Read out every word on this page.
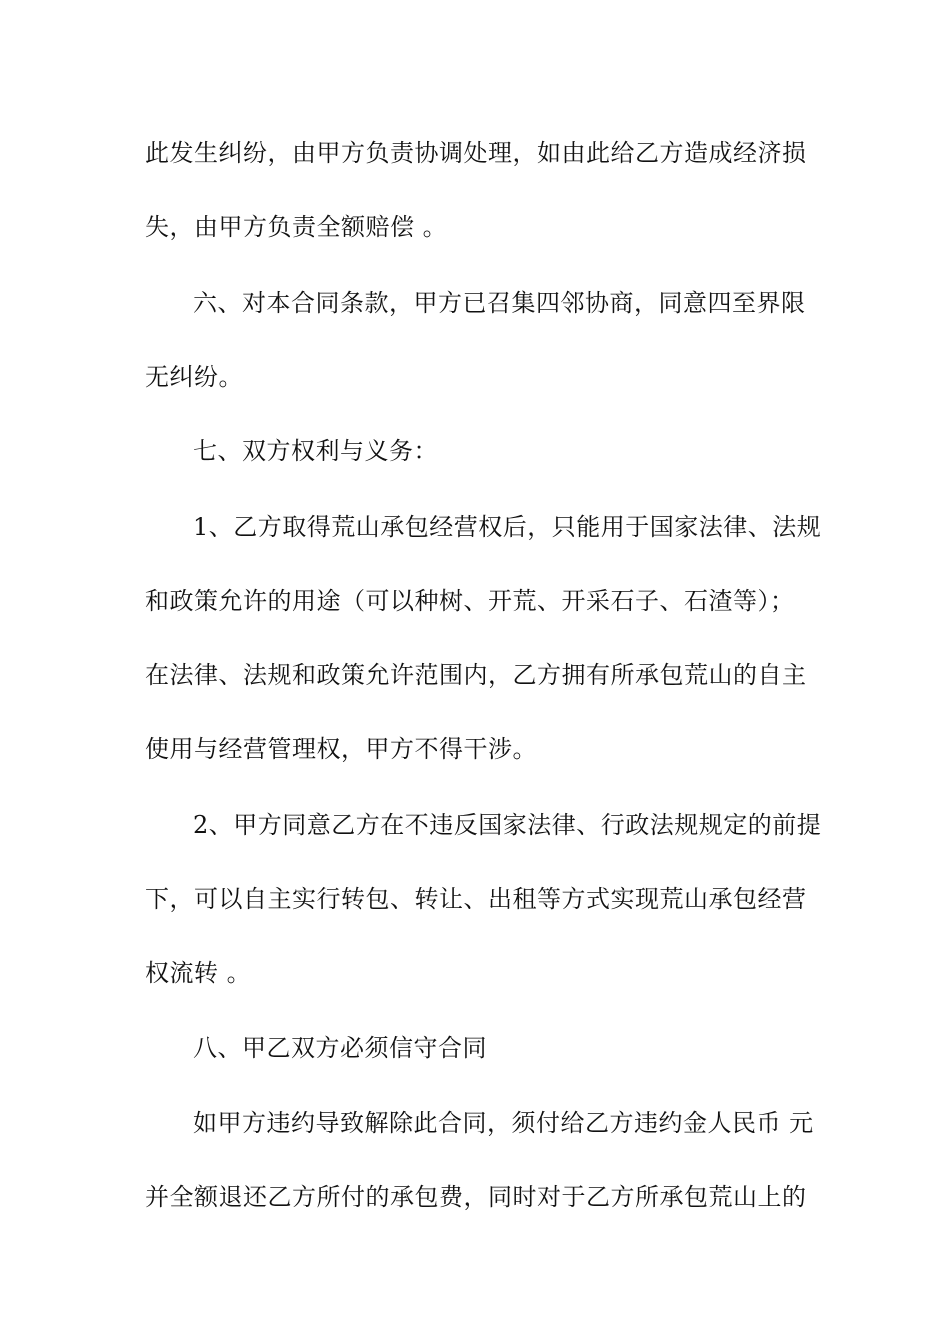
此发生纠纷，由甲方负责协调处理，如由此给乙方造成经济损
失，由甲方负责全额赔偿 。
六、对本合同条款，甲方已召集四邻协商，同意四至界限
无纠纷。
七、双方权利与义务：
1、乙方取得荒山承包经营权后，只能用于国家法律、法规
和政策允许的用途（可以种树、开荒、开采石子、石渣等）；
在法律、法规和政策允许范围内，乙方拥有所承包荒山的自主
使用与经营管理权，甲方不得干涉。
2、甲方同意乙方在不违反国家法律、行政法规规定的前提
下，可以自主实行转包、转让、出租等方式实现荒山承包经营
权流转 。
八、甲乙双方必须信守合同
如甲方违约导致解除此合同，须付给乙方违约金人民币 元
并全额退还乙方所付的承包费，同时对于乙方所承包荒山上的
